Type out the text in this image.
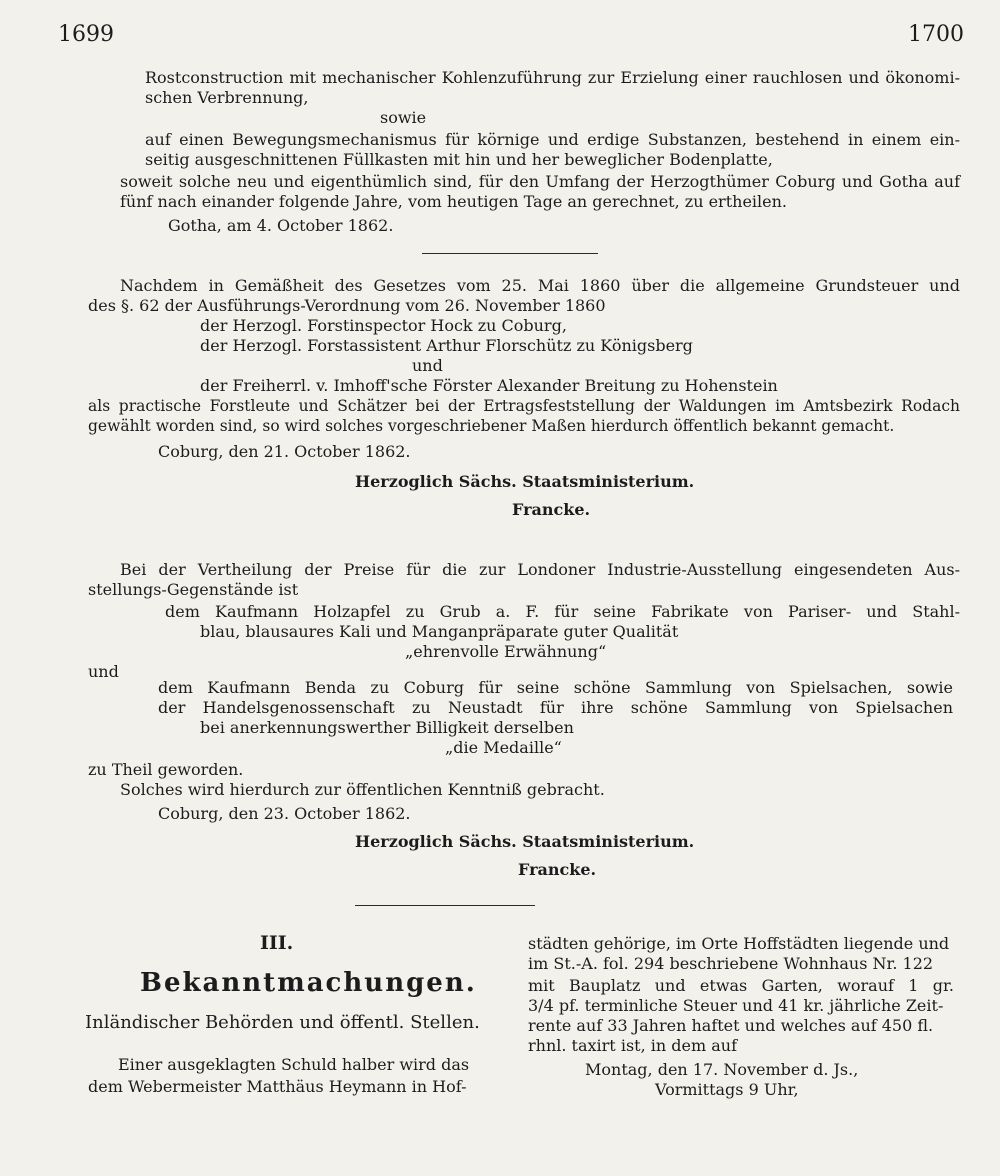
1699	1700
Rostconstruction mit mechanischer Kohlenzuführung zur Erzielung einer rauchlosen und ökonomi-
schen Verbrennung,
sowie
auf einen Bewegungsmechanismus für körnige und erdige Substanzen, bestehend in einem ein-
seitig ausgeschnittenen Füllkasten mit hin und her beweglicher Bodenplatte,
soweit solche neu und eigenthümlich sind, für den Umfang der Herzogthümer Coburg und Gotha auf
fünf nach einander folgende Jahre, vom heutigen Tage an gerechnet, zu ertheilen.
Gotha, am 4. October 1862.
Nachdem in Gemäßheit des Gesetzes vom 25. Mai 1860 über die allgemeine Grundsteuer und
des §. 62 der Ausführungs-Verordnung vom 26. November 1860
der Herzogl. Forstinspector Hock zu Coburg,
der Herzogl. Forstassistent Arthur Florschütz zu Königsberg
und
der Freiherrl. v. Imhoff'sche Förster Alexander Breitung zu Hohenstein
als practische Forstleute und Schätzer bei der Ertragsfeststellung der Waldungen im Amtsbezirk Rodach
gewählt worden sind, so wird solches vorgeschriebener Maßen hierdurch öffentlich bekannt gemacht.
Coburg, den 21. October 1862.
Herzoglich Sächs. Staatsministerium.
Francke.
Bei der Vertheilung der Preise für die zur Londoner Industrie-Ausstellung eingesendeten Aus-
stellungs-Gegenstände ist
dem Kaufmann Holzapfel zu Grub a. F. für seine Fabrikate von Pariser- und Stahl-
blau, blausaures Kali und Manganpräparate guter Qualität
„ehrenvolle Erwähnung“
und
dem Kaufmann Benda zu Coburg für seine schöne Sammlung von Spielsachen, sowie
der Handelsgenossenschaft zu Neustadt für ihre schöne Sammlung von Spielsachen
bei anerkennungswerther Billigkeit derselben
„die Medaille“
zu Theil geworden.
Solches wird hierdurch zur öffentlichen Kenntniß gebracht.
Coburg, den 23. October 1862.
Herzoglich Sächs. Staatsministerium.
Francke.
III.
Bekanntmachungen.
Inländischer Behörden und öffentl. Stellen.
Einer ausgeklagten Schuld halber wird das
dem Webermeister Matthäus Heymann in Hof-
städten gehörige, im Orte Hoffstädten liegende und
im St.-A. fol. 294 beschriebene Wohnhaus Nr. 122
mit Bauplatz und etwas Garten, worauf 1 gr.
3/4 pf. terminliche Steuer und 41 kr. jährliche Zeit-
rente auf 33 Jahren haftet und welches auf 450 fl.
rhnl. taxirt ist, in dem auf
Montag, den 17. November d. Js.,
Vormittags 9 Uhr,
